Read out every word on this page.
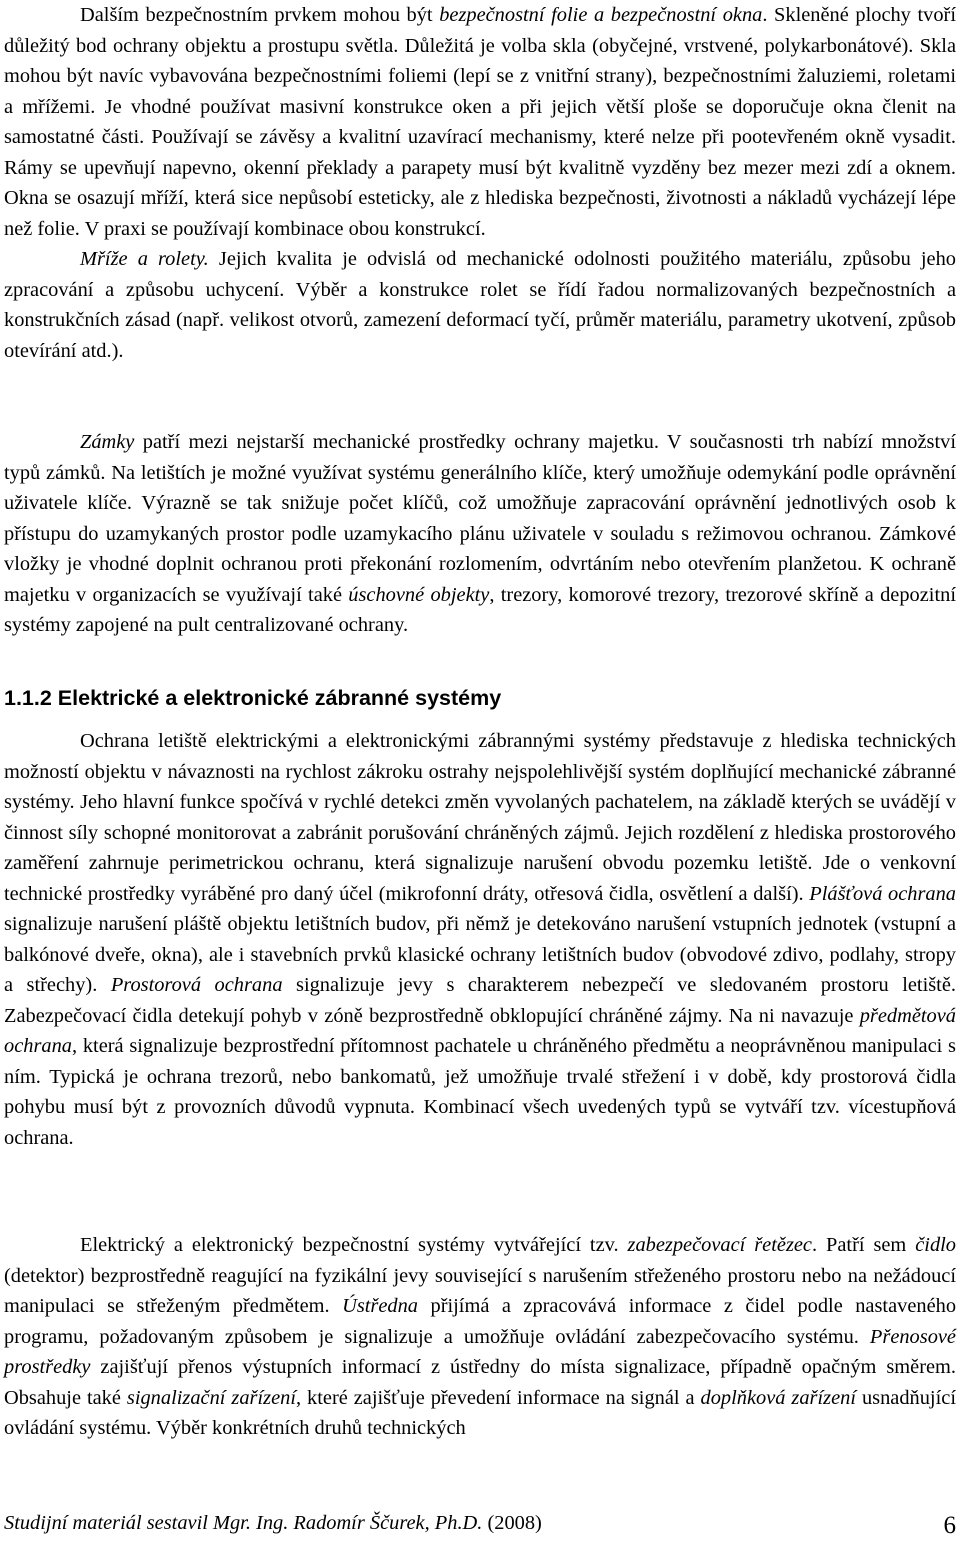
Dalším bezpečnostním prvkem mohou být bezpečnostní folie a bezpečnostní okna. Skleněné plochy tvoří důležitý bod ochrany objektu a prostupu světla. Důležitá je volba skla (obyčejné, vrstvené, polykarbonátové). Skla mohou být navíc vybavována bezpečnostními foliemi (lepí se z vnitřní strany), bezpečnostními žaluziemi, roletami a mřížemi. Je vhodné používat masivní konstrukce oken a při jejich větší ploše se doporučuje okna členit na samostatné části. Používají se závěsy a kvalitní uzavírací mechanismy, které nelze při pootevřeném okně vysadit. Rámy se upevňují napevno, okenní překlady a parapety musí být kvalitně vyzděny bez mezer mezi zdí a oknem. Okna se osazují mříží, která sice nepůsobí esteticky, ale z hlediska bezpečnosti, životnosti a nákladů vycházejí lépe než folie. V praxi se používají kombinace obou konstrukcí.

Mříže a rolety. Jejich kvalita je odvislá od mechanické odolnosti použitého materiálu, způsobu jeho zpracování a způsobu uchycení. Výběr a konstrukce rolet se řídí řadou normalizovaných bezpečnostních a konstrukčních zásad (např. velikost otvorů, zamezení deformací tyčí, průměr materiálu, parametry ukotvení, způsob otevírání atd.).

Zámky patří mezi nejstarší mechanické prostředky ochrany majetku. V současnosti trh nabízí množství typů zámků. Na letištích je možné využívat systému generálního klíče, který umožňuje odemykání podle oprávnění uživatele klíče. Výrazně se tak snižuje počet klíčů, což umožňuje zapracování oprávnění jednotlivých osob k přístupu do uzamykaných prostor podle uzamykacího plánu uživatele v souladu s režimovou ochranou. Zámkové vložky je vhodné doplnit ochranou proti překonání rozlomením, odvrtáním nebo otevřením planžetou. K ochraně majetku v organizacích se využívají také úschovné objekty, trezory, komorové trezory, trezorové skříně a depozitní systémy zapojené na pult centralizované ochrany.

1.1.2 Elektrické a elektronické zábranné systémy

Ochrana letiště elektrickými a elektronickými zábrannými systémy představuje z hlediska technických možností objektu v návaznosti na rychlost zákroku ostrahy nejspolehlivější systém doplňující mechanické zábranné systémy. Jeho hlavní funkce spočívá v rychlé detekci změn vyvolaných pachatelem, na základě kterých se uvádějí v činnost síly schopné monitorovat a zabránit porušování chráněných zájmů. Jejich rozdělení z hlediska prostorového zaměření zahrnuje perimetrickou ochranu, která signalizuje narušení obvodu pozemku letiště. Jde o venkovní technické prostředky vyráběné pro daný účel (mikrofonní dráty, otřesová čidla, osvětlení a další). Plášťová ochrana signalizuje narušení pláště objektu letištních budov, při němž je detekováno narušení vstupních jednotek (vstupní a balkónové dveře, okna), ale i stavebních prvků klasické ochrany letištních budov (obvodové zdivo, podlahy, stropy a střechy). Prostorová ochrana signalizuje jevy s charakterem nebezpečí ve sledovaném prostoru letiště. Zabezpečovací čidla detekují pohyb v zóně bezprostředně obklopující chráněné zájmy. Na ni navazuje předmětová ochrana, která signalizuje bezprostřední přítomnost pachatele u chráněného předmětu a neoprávněnou manipulaci s ním. Typická je ochrana trezorů, nebo bankomatů, jež umožňuje trvalé střežení i v době, kdy prostorová čidla pohybu musí být z provozních důvodů vypnuta. Kombinací všech uvedených typů se vytváří tzv. vícestupňová ochrana.

Elektrický a elektronický bezpečnostní systémy vytvářející tzv. zabezpečovací řetězec. Patří sem čidlo (detektor) bezprostředně reagující na fyzikální jevy související s narušením střeženého prostoru nebo na nežádoucí manipulaci se střeženým předmětem. Ústředna přijímá a zpracovává informace z čidel podle nastaveného programu, požadovaným způsobem je signalizuje a umožňuje ovládání zabezpečovacího systému. Přenosové prostředky zajišťují přenos výstupních informací z ústředny do místa signalizace, případně opačným směrem. Obsahuje také signalizační zařízení, které zajišťuje převedení informace na signál a doplňková zařízení usnadňující ovládání systému. Výběr konkrétních druhů technických

Studijní materiál sestavil Mgr. Ing. Radomír Ščurek, Ph.D. (2008)	6
